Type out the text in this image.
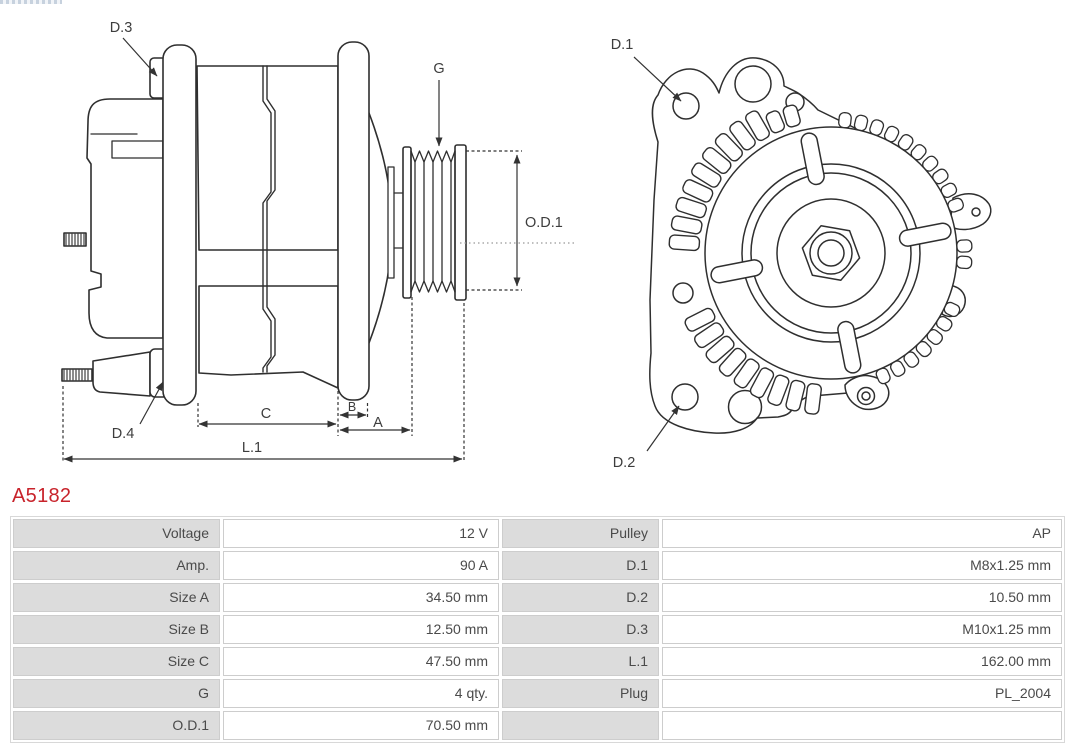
D.3
G
O.D.1
D.4
C	B
A
L.1
D.1
D.2
A5182
Voltage	12 V	Pulley	AP
Amp.	90 A	D.1	M8x1.25 mm
Size A	34.50 mm	D.2	10.50 mm
Size B	12.50 mm	D.3	M10x1.25 mm
Size C	47.50 mm	L.1	162.00 mm
G	4 qty.	Plug	PL_2004
O.D.1	70.50 mm
